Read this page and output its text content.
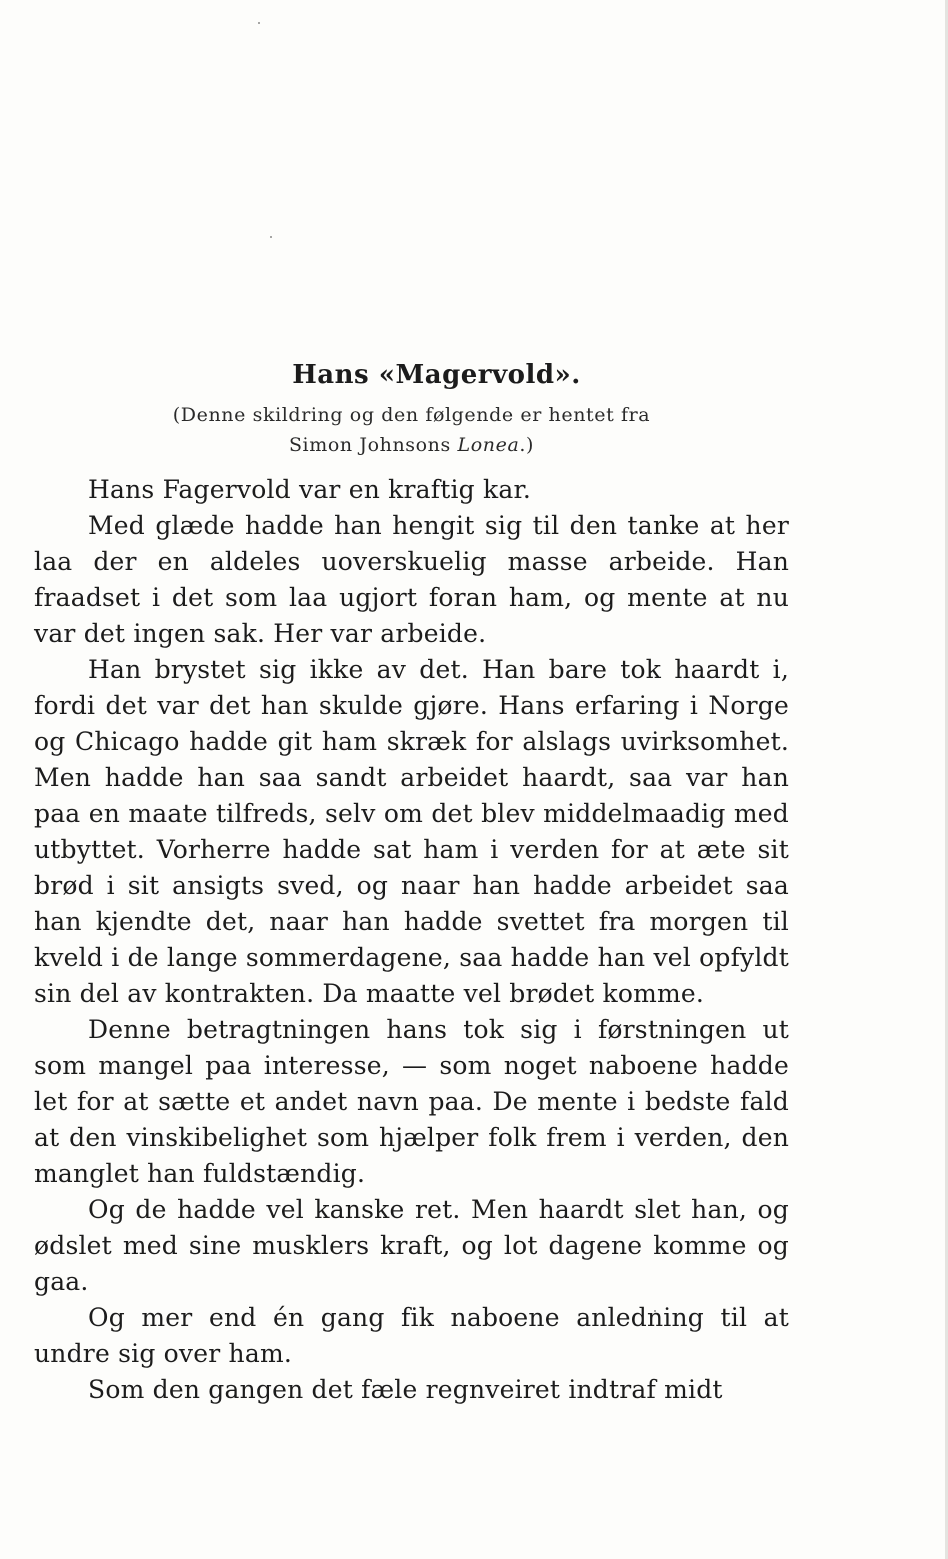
Hans «Magervold».
(Denne skildring og den følgende er hentet fra
Simon Johnsons Lonea.)

Hans Fagervold var en kraftig kar.

Med glæde hadde han hengit sig til den tanke at her laa der en aldeles uoverskuelig masse arbeide. Han fraadset i det som laa ugjort foran ham, og mente at nu var det ingen sak. Her var arbeide.

Han brystet sig ikke av det. Han bare tok haardt i, fordi det var det han skulde gjøre. Hans erfaring i Norge og Chicago hadde git ham skræk for alslags uvirksomhet. Men hadde han saa sandt arbeidet haardt, saa var han paa en maate tilfreds, selv om det blev middelmaadig med utbyttet. Vorherre hadde sat ham i verden for at æte sit brød i sit ansigts sved, og naar han hadde arbeidet saa han kjendte det, naar han hadde svettet fra morgen til kveld i de lange sommerdagene, saa hadde han vel opfyldt sin del av kontrakten. Da maatte vel brødet komme.

Denne betragtningen hans tok sig i førstningen ut som mangel paa interesse, — som noget naboene hadde let for at sætte et andet navn paa. De mente i bedste fald at den vinskibelighet som hjælper folk frem i verden, den manglet han fuldstændig.

Og de hadde vel kanske ret. Men haardt slet han, og ødslet med sine musklers kraft, og lot dagene komme og gaa.

Og mer end én gang fik naboene anledning til at undre sig over ham.

Som den gangen det fæle regnveiret indtraf midt
